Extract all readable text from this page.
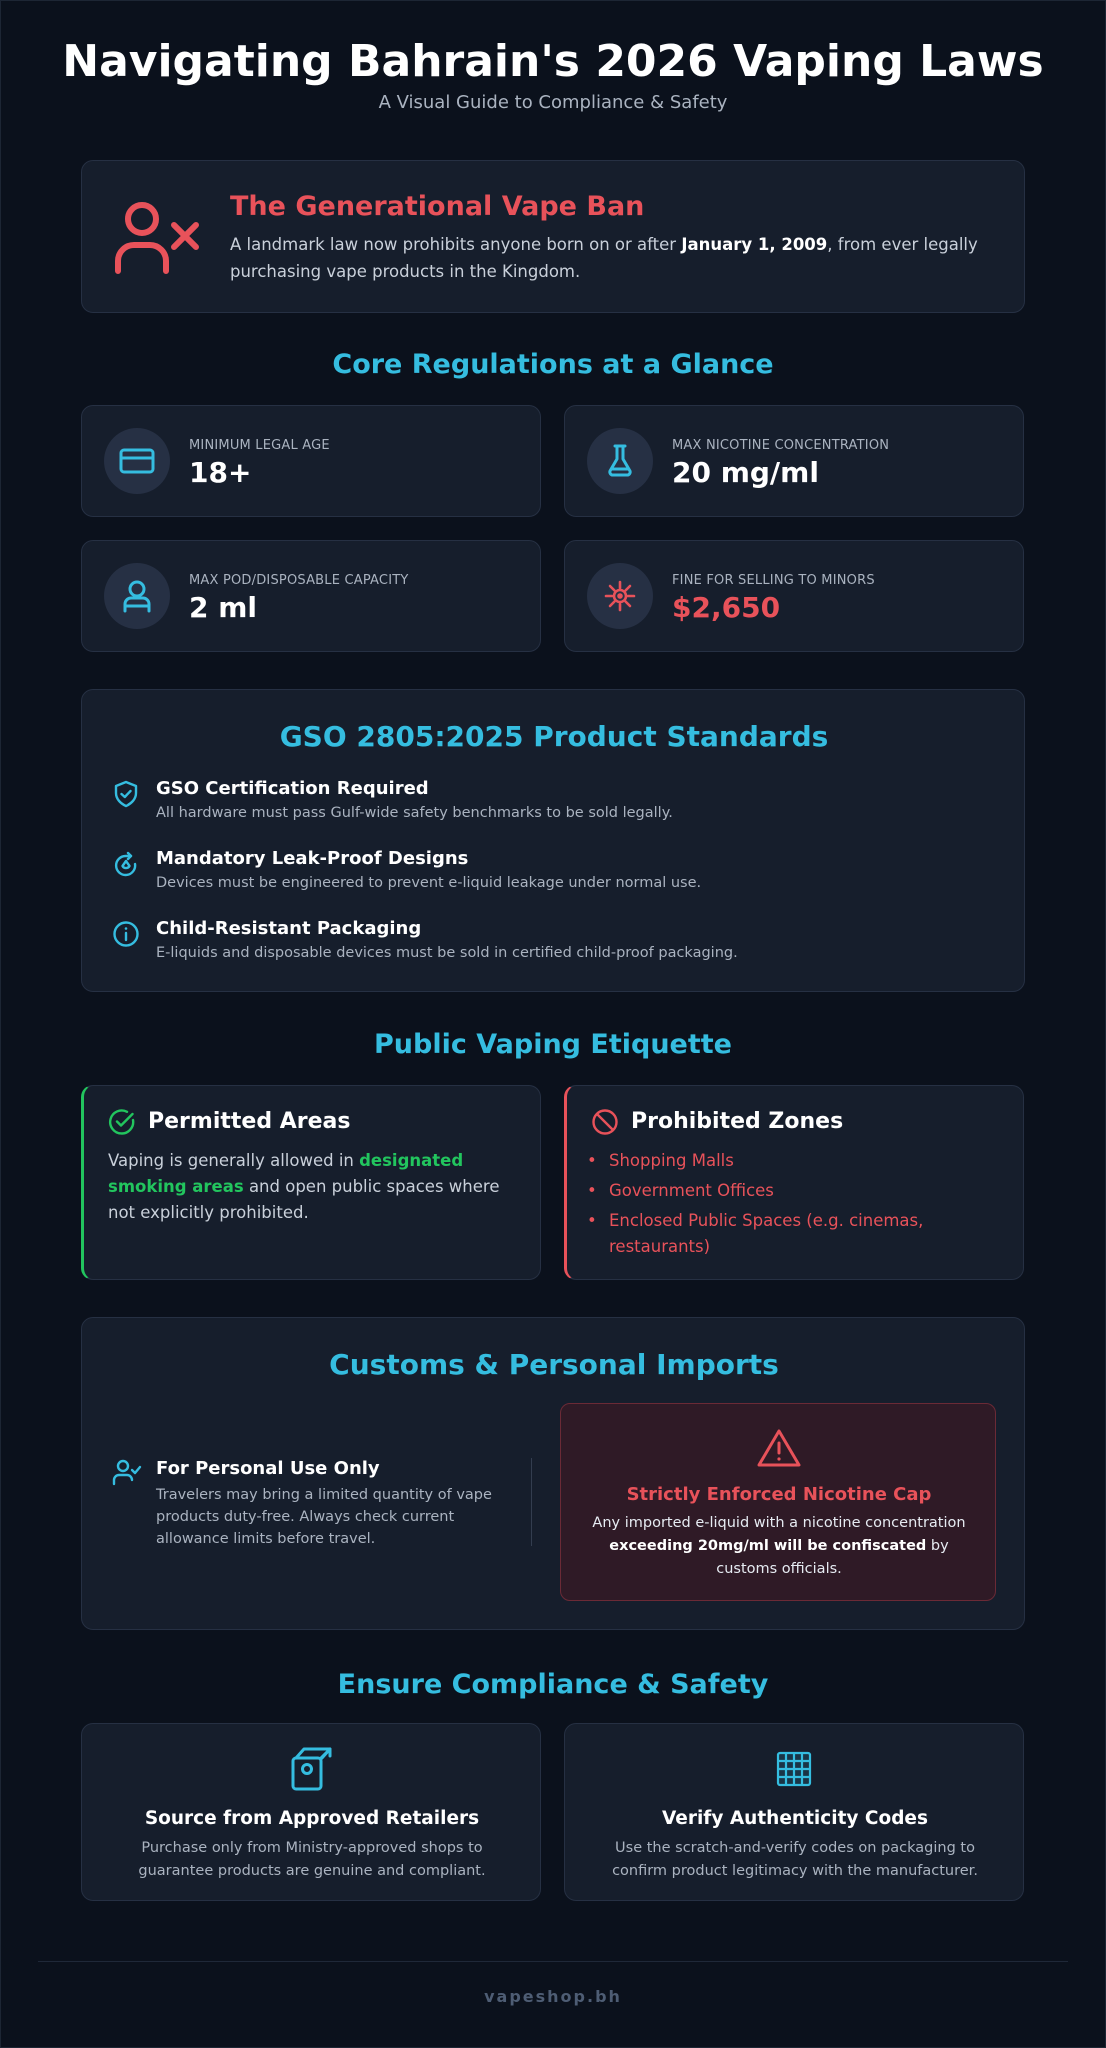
Navigating Bahrain's 2026 Vaping Laws
A Visual Guide to Compliance & Safety
The Generational Vape Ban

A landmark law now prohibits anyone born on or after January 1, 2009, from ever legally purchasing vape products in the Kingdom.

Core Regulations at a Glance
MINIMUM LEGAL AGE
18+
MAX NICOTINE CONCENTRATION
20 mg/ml
MAX POD/DISPOSABLE CAPACITY
2 ml
FINE FOR SELLING TO MINORS
$2,650
GSO 2805:2025 Product Standards
GSO Certification Required
All hardware must pass Gulf-wide safety benchmarks to be sold legally.
Mandatory Leak-Proof Designs
Devices must be engineered to prevent e-liquid leakage under normal use.
Child-Resistant Packaging
E-liquids and disposable devices must be sold in certified child-proof packaging.
Public Vaping Etiquette
Permitted Areas
Vaping is generally allowed in designated smoking areas and open public spaces where not explicitly prohibited.
Prohibited Zones
• Shopping Malls
• Government Offices
• Enclosed Public Spaces (e.g. cinemas, restaurants)
Customs & Personal Imports
For Personal Use Only
Travelers may bring a limited quantity of vape products duty-free. Always check current allowance limits before travel.
Strictly Enforced Nicotine Cap
Any imported e-liquid with a nicotine concentration exceeding 20mg/ml will be confiscated by customs officials.
Ensure Compliance & Safety
Source from Approved Retailers
Purchase only from Ministry-approved shops to guarantee products are genuine and compliant.
Verify Authenticity Codes
Use the scratch-and-verify codes on packaging to confirm product legitimacy with the manufacturer.
vapeshop.bh
